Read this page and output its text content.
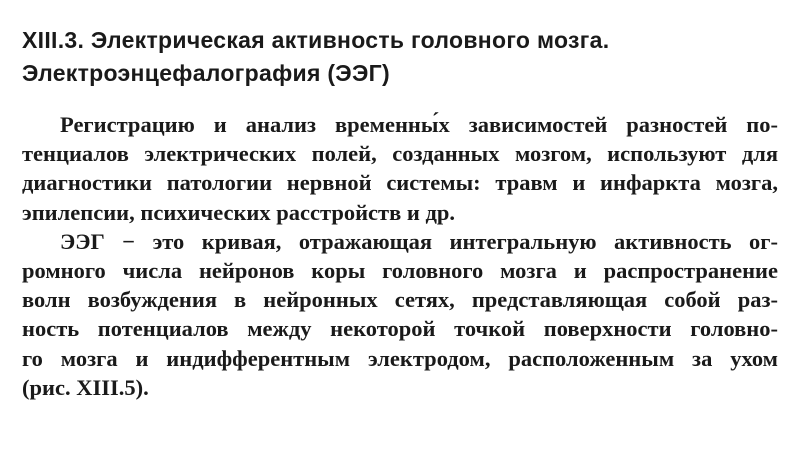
XIII.3. Электрическая активность головного мозга.
Электроэнцефалография (ЭЭГ)
Регистрацию и анализ временны́х зависимостей разностей по-
тенциалов электрических полей, созданных мозгом, используют для
диагностики патологии нервной системы: травм и инфаркта мозга,
эпилепсии, психических расстройств и др.
ЭЭГ − это кривая, отражающая интегральную активность ог-
ромного числа нейронов коры головного мозга и распространение
волн возбуждения в нейронных сетях, представляющая собой раз-
ность потенциалов между некоторой точкой поверхности головно-
го мозга и индифферентным электродом, расположенным за ухом
(рис. XIII.5).
